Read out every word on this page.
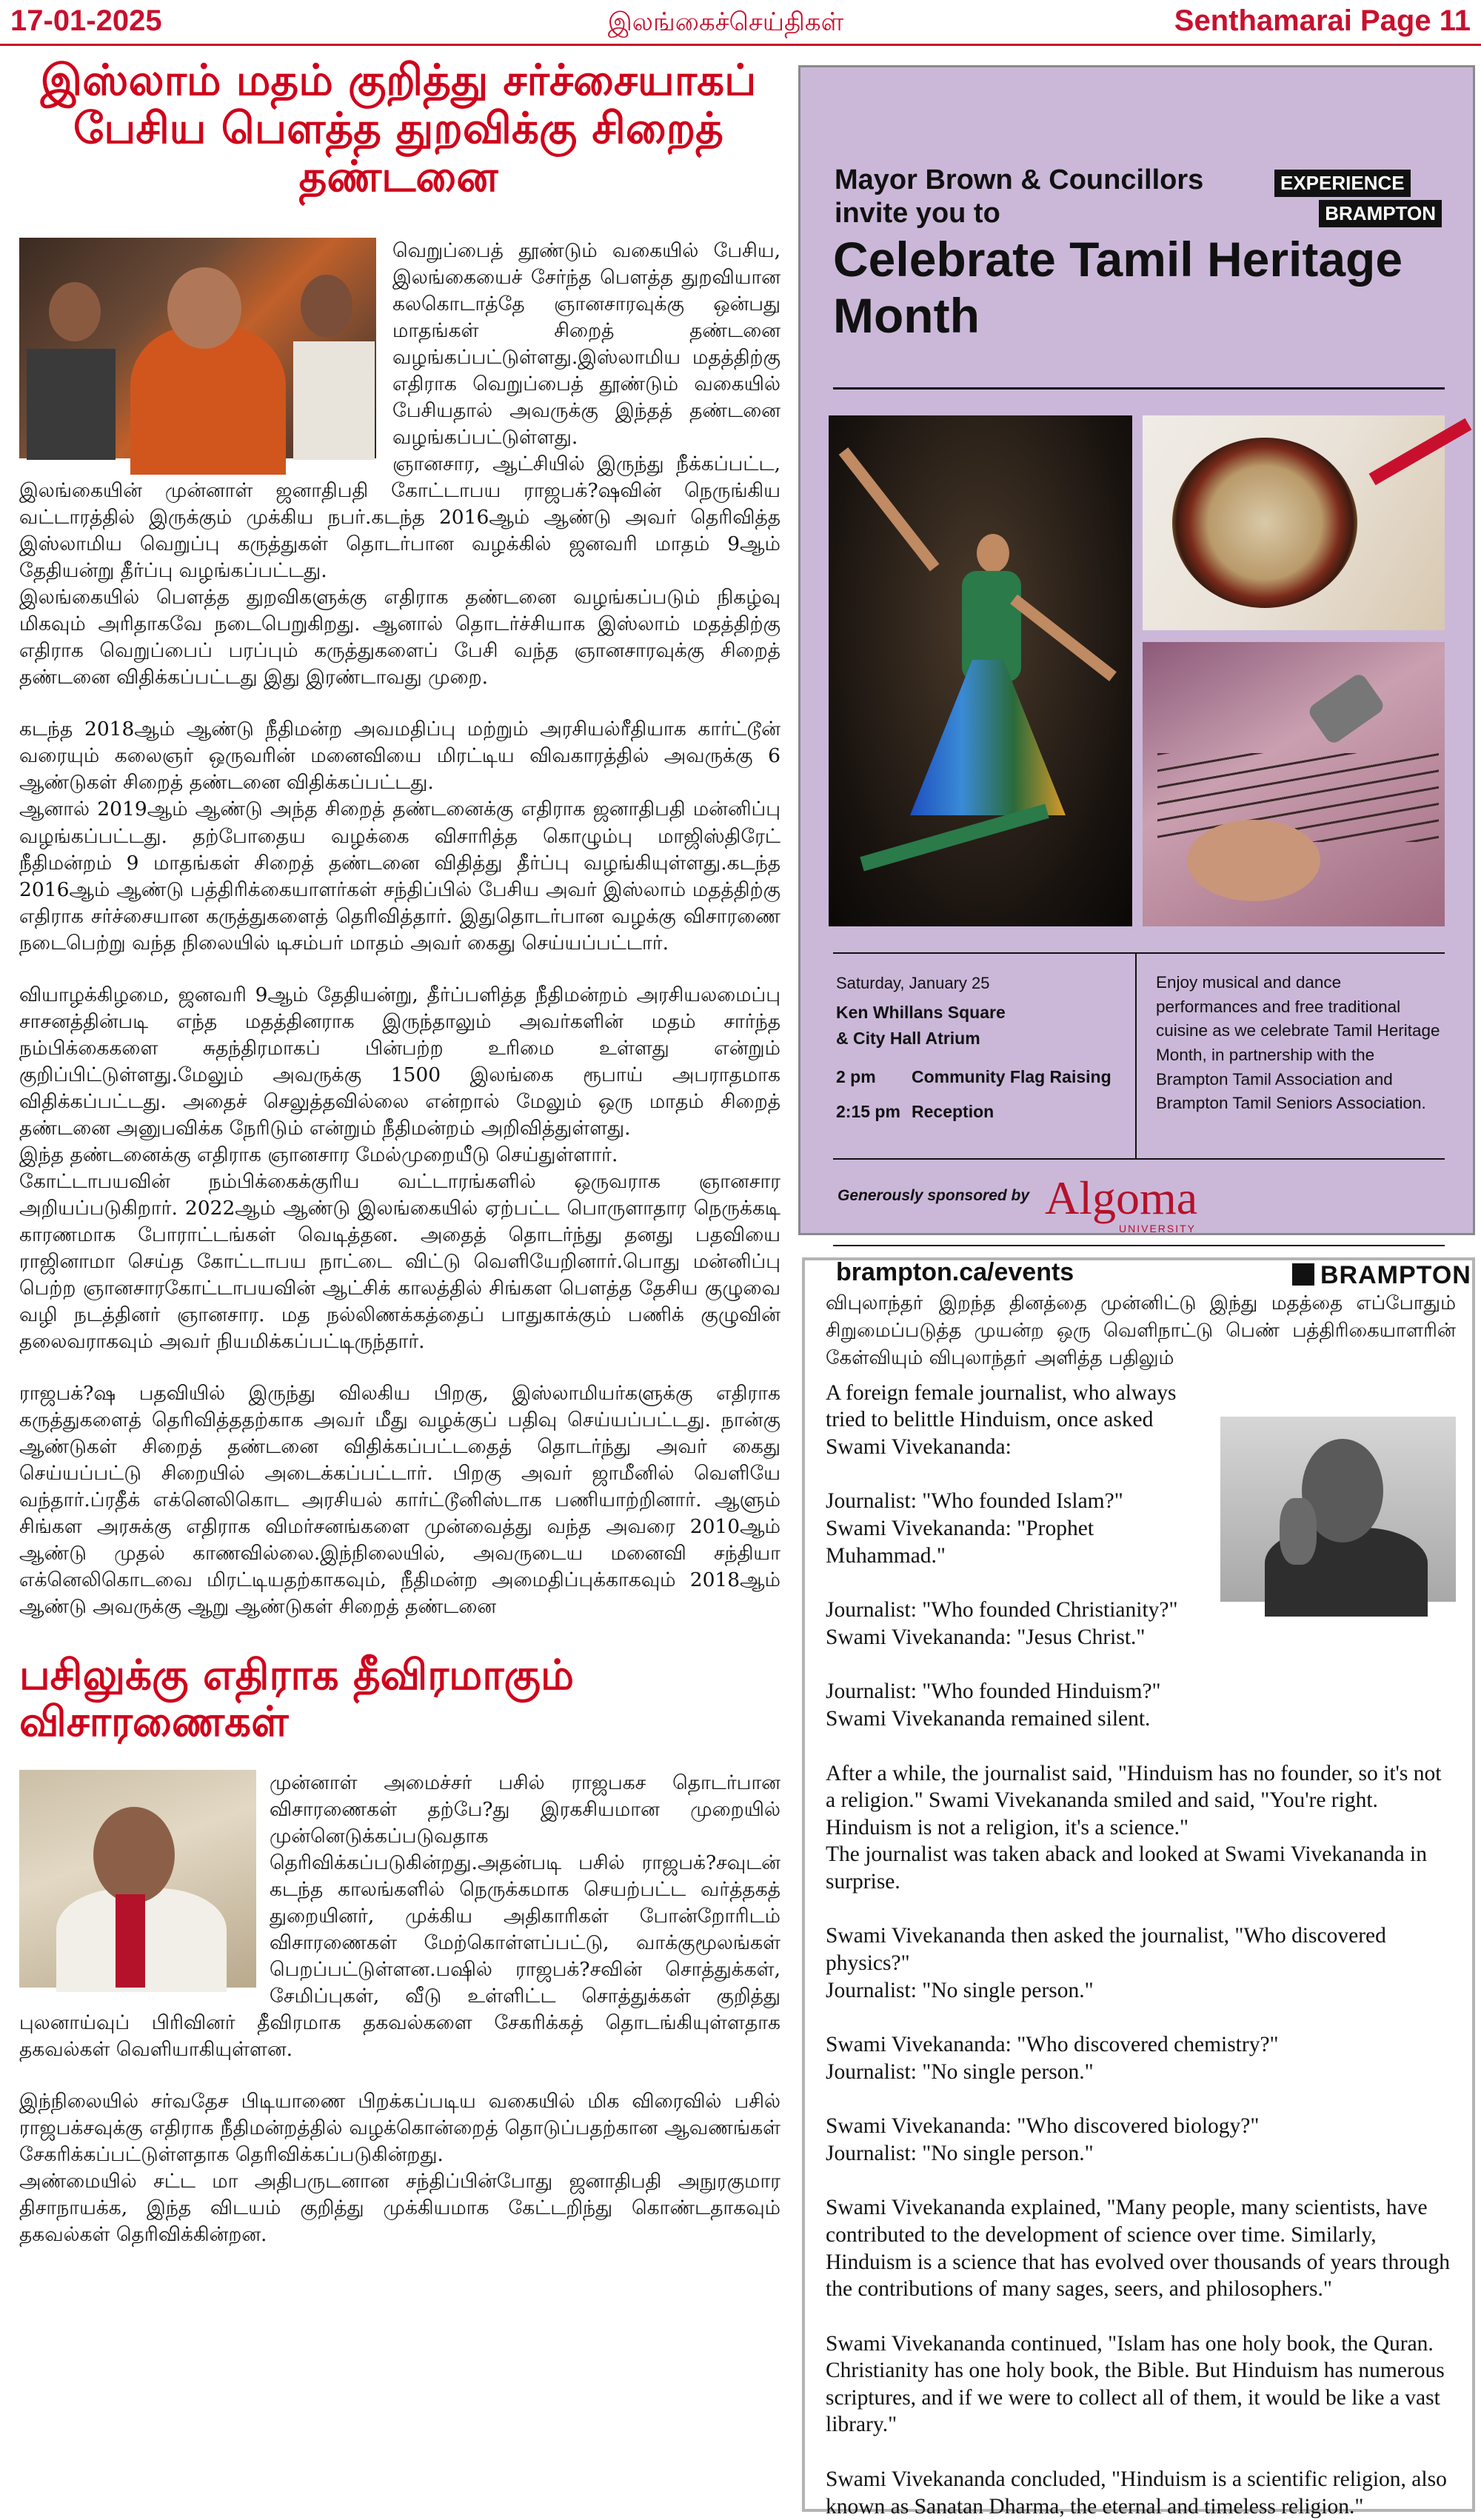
17-01-2025	இலங்கைச்செய்திகள்	Senthamarai Page 11
இஸ்லாம் மதம் குறித்து சர்ச்சையாகப்
பேசிய பௌத்த துறவிக்கு சிறைத் தண்டனை

வெறுப்பைத் தூண்டும் வகையில் பேசிய, இலங்கையைச் சேர்ந்த பௌத்த துறவியான கலகொடாத்தே ஞானசாரவுக்கு ஒன்பது மாதங்கள் சிறைத் தண்டனை வழங்கப்பட்டுள்ளது.இஸ்லாமிய மதத்திற்கு எதிராக வெறுப்பைத் தூண்டும் வகையில் பேசியதால் அவருக்கு இந்தத் தண்டனை வழங்கப்பட்டுள்ளது.

ஞானசார, ஆட்சியில் இருந்து நீக்கப்பட்ட, இலங்கையின் முன்னாள் ஜனாதிபதி கோட்டாபய ராஜபக்?ஷவின் நெருங்கிய வட்டாரத்தில் இருக்கும் முக்கிய நபர்.கடந்த 2016ஆம் ஆண்டு அவர் தெரிவித்த இஸ்லாமிய வெறுப்பு கருத்துகள் தொடர்பான வழக்கில் ஜனவரி மாதம் 9ஆம் தேதியன்று தீர்ப்பு வழங்கப்பட்டது.

இலங்கையில் பௌத்த துறவிகளுக்கு எதிராக தண்டனை வழங்கப்படும் நிகழ்வு மிகவும் அரிதாகவே நடைபெறுகிறது. ஆனால் தொடர்ச்சியாக இஸ்லாம் மதத்திற்கு எதிராக வெறுப்பைப் பரப்பும் கருத்துகளைப் பேசி வந்த ஞானசாரவுக்கு சிறைத் தண்டனை விதிக்கப்பட்டது இது இரண்டாவது முறை.

கடந்த 2018ஆம் ஆண்டு நீதிமன்ற அவமதிப்பு மற்றும் அரசியல்ரீதியாக கார்ட்டூன் வரையும் கலைஞர் ஒருவரின் மனைவியை மிரட்டிய விவகாரத்தில் அவருக்கு 6 ஆண்டுகள் சிறைத் தண்டனை விதிக்கப்பட்டது.

ஆனால் 2019ஆம் ஆண்டு அந்த சிறைத் தண்டனைக்கு எதிராக ஜனாதிபதி மன்னிப்பு வழங்கப்பட்டது. தற்போதைய வழக்கை விசாரித்த கொழும்பு மாஜிஸ்திரேட் நீதிமன்றம் 9 மாதங்கள் சிறைத் தண்டனை விதித்து தீர்ப்பு வழங்கியுள்ளது.கடந்த 2016ஆம் ஆண்டு பத்திரிக்கையாளர்கள் சந்திப்பில் பேசிய அவர் இஸ்லாம் மதத்திற்கு எதிராக சர்ச்சையான கருத்துகளைத் தெரிவித்தார். இதுதொடர்பான வழக்கு விசாரணை நடைபெற்று வந்த நிலையில் டிசம்பர் மாதம் அவர் கைது செய்யப்பட்டார்.

வியாழக்கிழமை, ஜனவரி 9ஆம் தேதியன்று, தீர்ப்பளித்த நீதிமன்றம் அரசியலமைப்பு சாசனத்தின்படி எந்த மதத்தினராக இருந்தாலும் அவர்களின் மதம் சார்ந்த நம்பிக்கைகளை சுதந்திரமாகப் பின்பற்ற உரிமை உள்ளது என்றும் குறிப்பிட்டுள்ளது.மேலும் அவருக்கு 1500 இலங்கை ரூபாய் அபராதமாக விதிக்கப்பட்டது. அதைச் செலுத்தவில்லை என்றால் மேலும் ஒரு மாதம் சிறைத் தண்டனை அனுபவிக்க நேரிடும் என்றும் நீதிமன்றம் அறிவித்துள்ளது.

இந்த தண்டனைக்கு எதிராக ஞானசார மேல்முறையீடு செய்துள்ளார்.

கோட்டாபயவின் நம்பிக்கைக்குரிய வட்டாரங்களில் ஒருவராக ஞானசார அறியப்படுகிறார். 2022ஆம் ஆண்டு இலங்கையில் ஏற்பட்ட பொருளாதார நெருக்கடி காரணமாக போராட்டங்கள் வெடித்தன. அதைத் தொடர்ந்து தனது பதவியை ராஜினாமா செய்த கோட்டாபய நாட்டை விட்டு வெளியேறினார்.பொது மன்னிப்பு பெற்ற ஞானசாரகோட்டாபயவின் ஆட்சிக் காலத்தில் சிங்கள பௌத்த தேசிய குழுவை வழி நடத்தினர் ஞானசார. மத நல்லிணக்கத்தைப் பாதுகாக்கும் பணிக் குழுவின் தலைவராகவும் அவர் நியமிக்கப்பட்டிருந்தார்.

ராஜபக்?ஷ பதவியில் இருந்து விலகிய பிறகு, இஸ்லாமியர்களுக்கு எதிராக கருத்துகளைத் தெரிவித்ததற்காக அவர் மீது வழக்குப் பதிவு செய்யப்பட்டது. நான்கு ஆண்டுகள் சிறைத் தண்டனை விதிக்கப்பட்டதைத் தொடர்ந்து அவர் கைது செய்யப்பட்டு சிறையில் அடைக்கப்பட்டார். பிறகு அவர் ஜாமீனில் வெளியே வந்தார்.ப்ரதீக் எக்னெலிகொட அரசியல் கார்ட்டூனிஸ்டாக பணியாற்றினார். ஆளும் சிங்கள அரசுக்கு எதிராக விமர்சனங்களை முன்வைத்து வந்த அவரை 2010ஆம் ஆண்டு முதல் காணவில்லை.இந்நிலையில், அவருடைய மனைவி சந்தியா எக்னெலிகொடவை மிரட்டியதற்காகவும், நீதிமன்ற அமைதிப்புக்காகவும் 2018ஆம் ஆண்டு அவருக்கு ஆறு ஆண்டுகள் சிறைத் தண்டனை

பசிலுக்கு எதிராக தீவிரமாகும் விசாரணைகள்

முன்னாள் அமைச்சர் பசில் ராஜபகச தொடர்பான விசாரணைகள் தற்பே?து இரகசியமான முறையில் முன்னெடுக்கப்படுவதாக தெரிவிக்கப்படுகின்றது.அதன்படி பசில் ராஜபக்?சவுடன் கடந்த காலங்களில் நெருக்கமாக செயற்பட்ட வர்த்தகத் துறையினர், முக்கிய அதிகாரிகள் போன்றோரிடம் விசாரணைகள் மேற்கொள்ளப்பட்டு, வாக்குமூலங்கள் பெறப்பட்டுள்ளன.பஷில் ராஜபக்?சவின் சொத்துக்கள், சேமிப்புகள், வீடு உள்ளிட்ட சொத்துக்கள் குறித்து புலனாய்வுப் பிரிவினர் தீவிரமாக தகவல்களை சேகரிக்கத் தொடங்கியுள்ளதாக தகவல்கள் வெளியாகியுள்ளன.

இந்நிலையில் சர்வதேச பிடியாணை பிறக்கப்படிய வகையில் மிக விரைவில் பசில் ராஜபக்சவுக்கு எதிராக நீதிமன்றத்தில் வழக்கொன்றைத் தொடுப்பதற்கான ஆவணங்கள் சேகரிக்கப்பட்டுள்ளதாக தெரிவிக்கப்படுகின்றது.

அண்மையில் சட்ட மா அதிபருடனான சந்திப்பின்போது ஜனாதிபதி அநுரகுமார திசாநாயக்க, இந்த விடயம் குறித்து முக்கியமாக கேட்டறிந்து கொண்டதாகவும் தகவல்கள் தெரிவிக்கின்றன.

Mayor Brown & Councillors invite you to
EXPERIENCE

BRAMPTON
Celebrate Tamil Heritage Month
Saturday, January 25
Ken Whillans Square
& City Hall Atrium
2 pm Community Flag Raising
2:15 pm Reception
Enjoy musical and dance performances and free traditional cuisine as we celebrate Tamil Heritage Month, in partnership with the Brampton Tamil Association and Brampton Tamil Seniors Association.
Generously sponsored by Algoma
UNIVERSITY
brampton.ca/events	BRAMPTON
விபுலாந்தா் இறந்த தினத்தை முன்னிட்டு இந்து மதத்தை எப்போதும் சிறுமைப்படுத்த முயன்ற ஒரு வெளிநாட்டு பெண் பத்திரிகையாளரின் கேள்வியும் விபுலாந்தா் அளித்த பதிலும்

A foreign female journalist, who always tried to belittle Hinduism, once asked Swami Vivekananda:

Journalist: "Who founded Islam?"

Swami Vivekananda: "Prophet Muhammad."

Journalist: "Who founded Christianity?"

Swami Vivekananda: "Jesus Christ."

Journalist: "Who founded Hinduism?"

Swami Vivekananda remained silent.

After a while, the journalist said, "Hinduism has no founder, so it's not a religion." Swami Vivekananda smiled and said, "You're right. Hinduism is not a religion, it's a science."

The journalist was taken aback and looked at Swami Vivekananda in surprise.

Swami Vivekananda then asked the journalist, "Who discovered physics?"

Journalist: "No single person."

Swami Vivekananda: "Who discovered chemistry?"

Journalist: "No single person."

Swami Vivekananda: "Who discovered biology?"

Journalist: "No single person."

Swami Vivekananda explained, "Many people, many scientists, have contributed to the development of science over time. Similarly, Hinduism is a science that has evolved over thousands of years through the contributions of many sages, seers, and philosophers."

Swami Vivekananda continued, "Islam has one holy book, the Quran. Christianity has one holy book, the Bible. But Hinduism has numerous scriptures, and if we were to collect all of them, it would be like a vast library."

Swami Vivekananda concluded, "Hinduism is a scientific religion, also known as Sanatan Dharma, the eternal and timeless religion."
